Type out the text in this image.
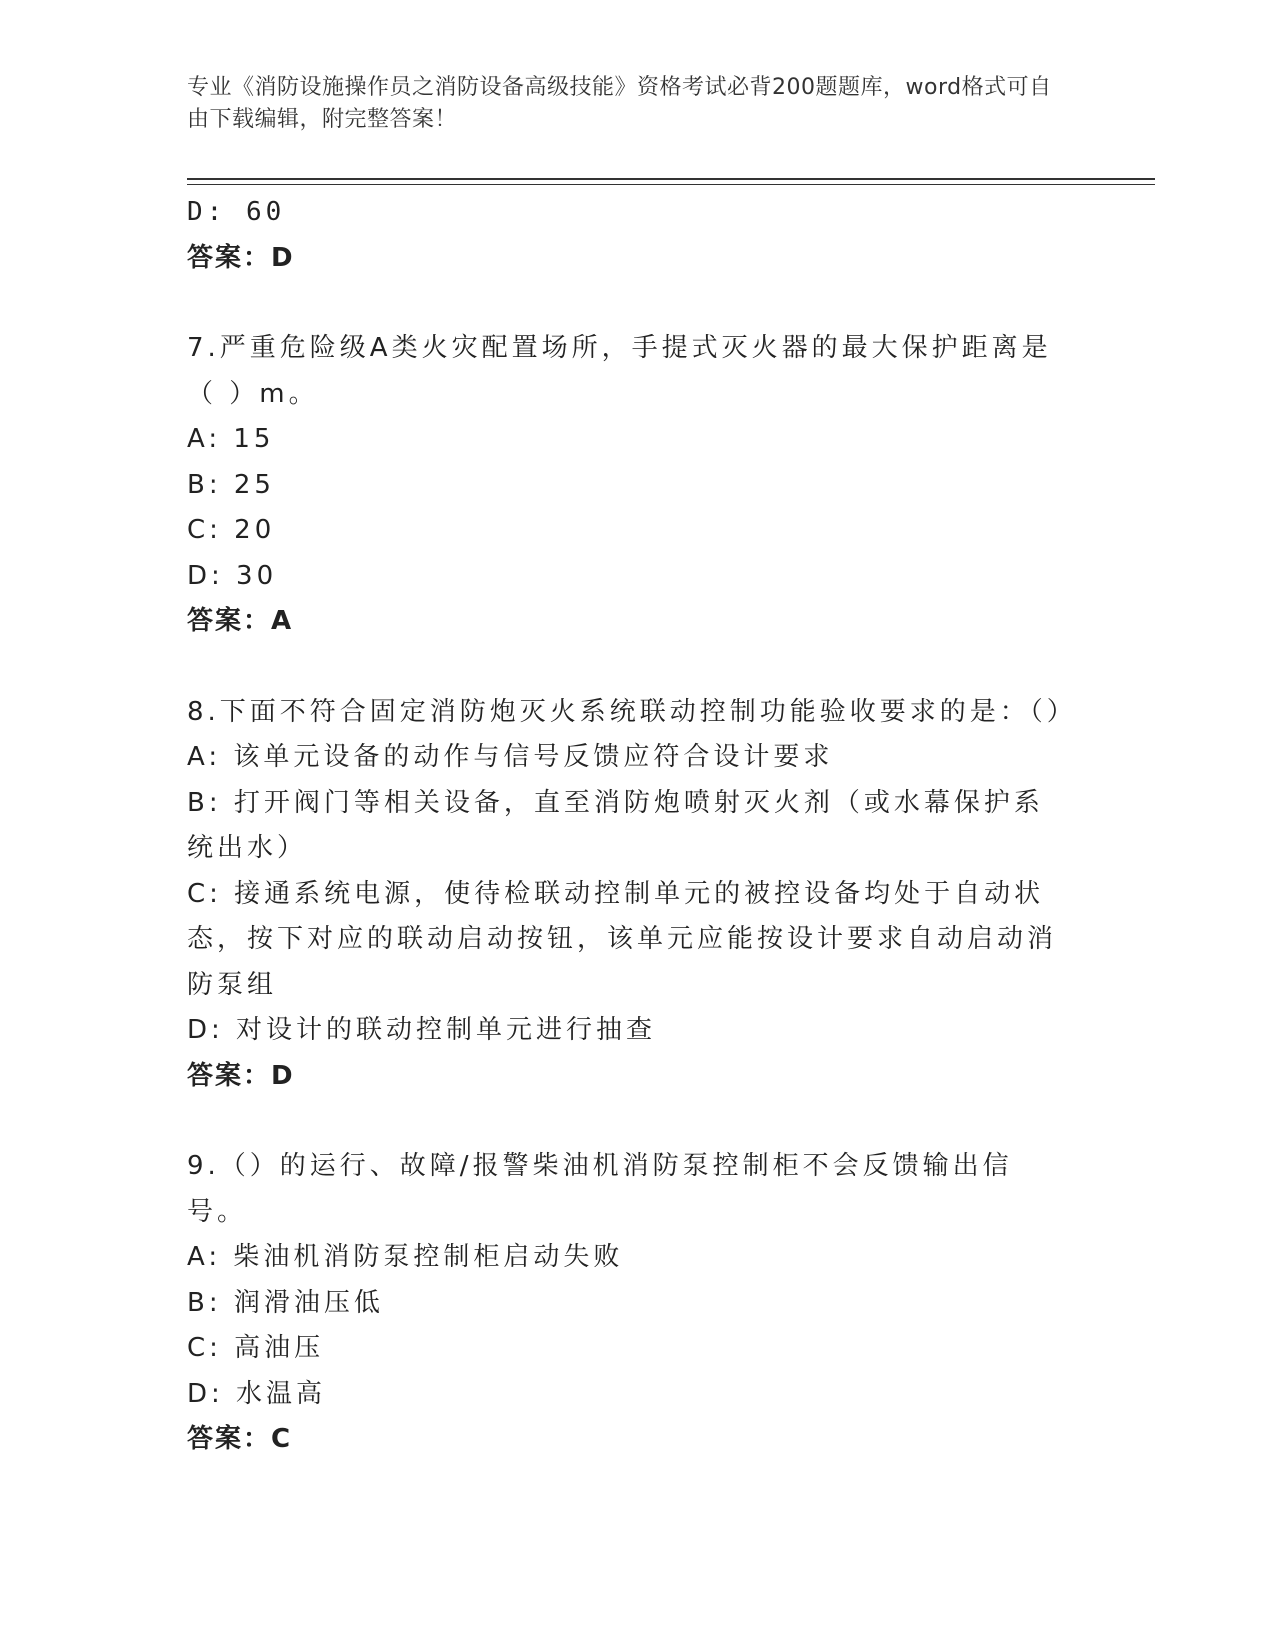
专业《消防设施操作员之消防设备高级技能》资格考试必背200题题库，word格式可自由下载编辑，附完整答案！
D: 60
答案：D
7.严重危险级A类火灾配置场所，手提式灭火器的最大保护距离是（ ）m。
A: 15
B: 25
C: 20
D: 30
答案：A
8.下面不符合固定消防炮灭火系统联动控制功能验收要求的是：（）
A: 该单元设备的动作与信号反馈应符合设计要求
B: 打开阀门等相关设备，直至消防炮喷射灭火剂（或水幕保护系统出水）
C: 接通系统电源，使待检联动控制单元的被控设备均处于自动状态，按下对应的联动启动按钮，该单元应能按设计要求自动启动消防泵组
D: 对设计的联动控制单元进行抽查
答案：D
9.（）的运行、故障/报警柴油机消防泵控制柜不会反馈输出信号。
A: 柴油机消防泵控制柜启动失败
B: 润滑油压低
C: 高油压
D: 水温高
答案：C
